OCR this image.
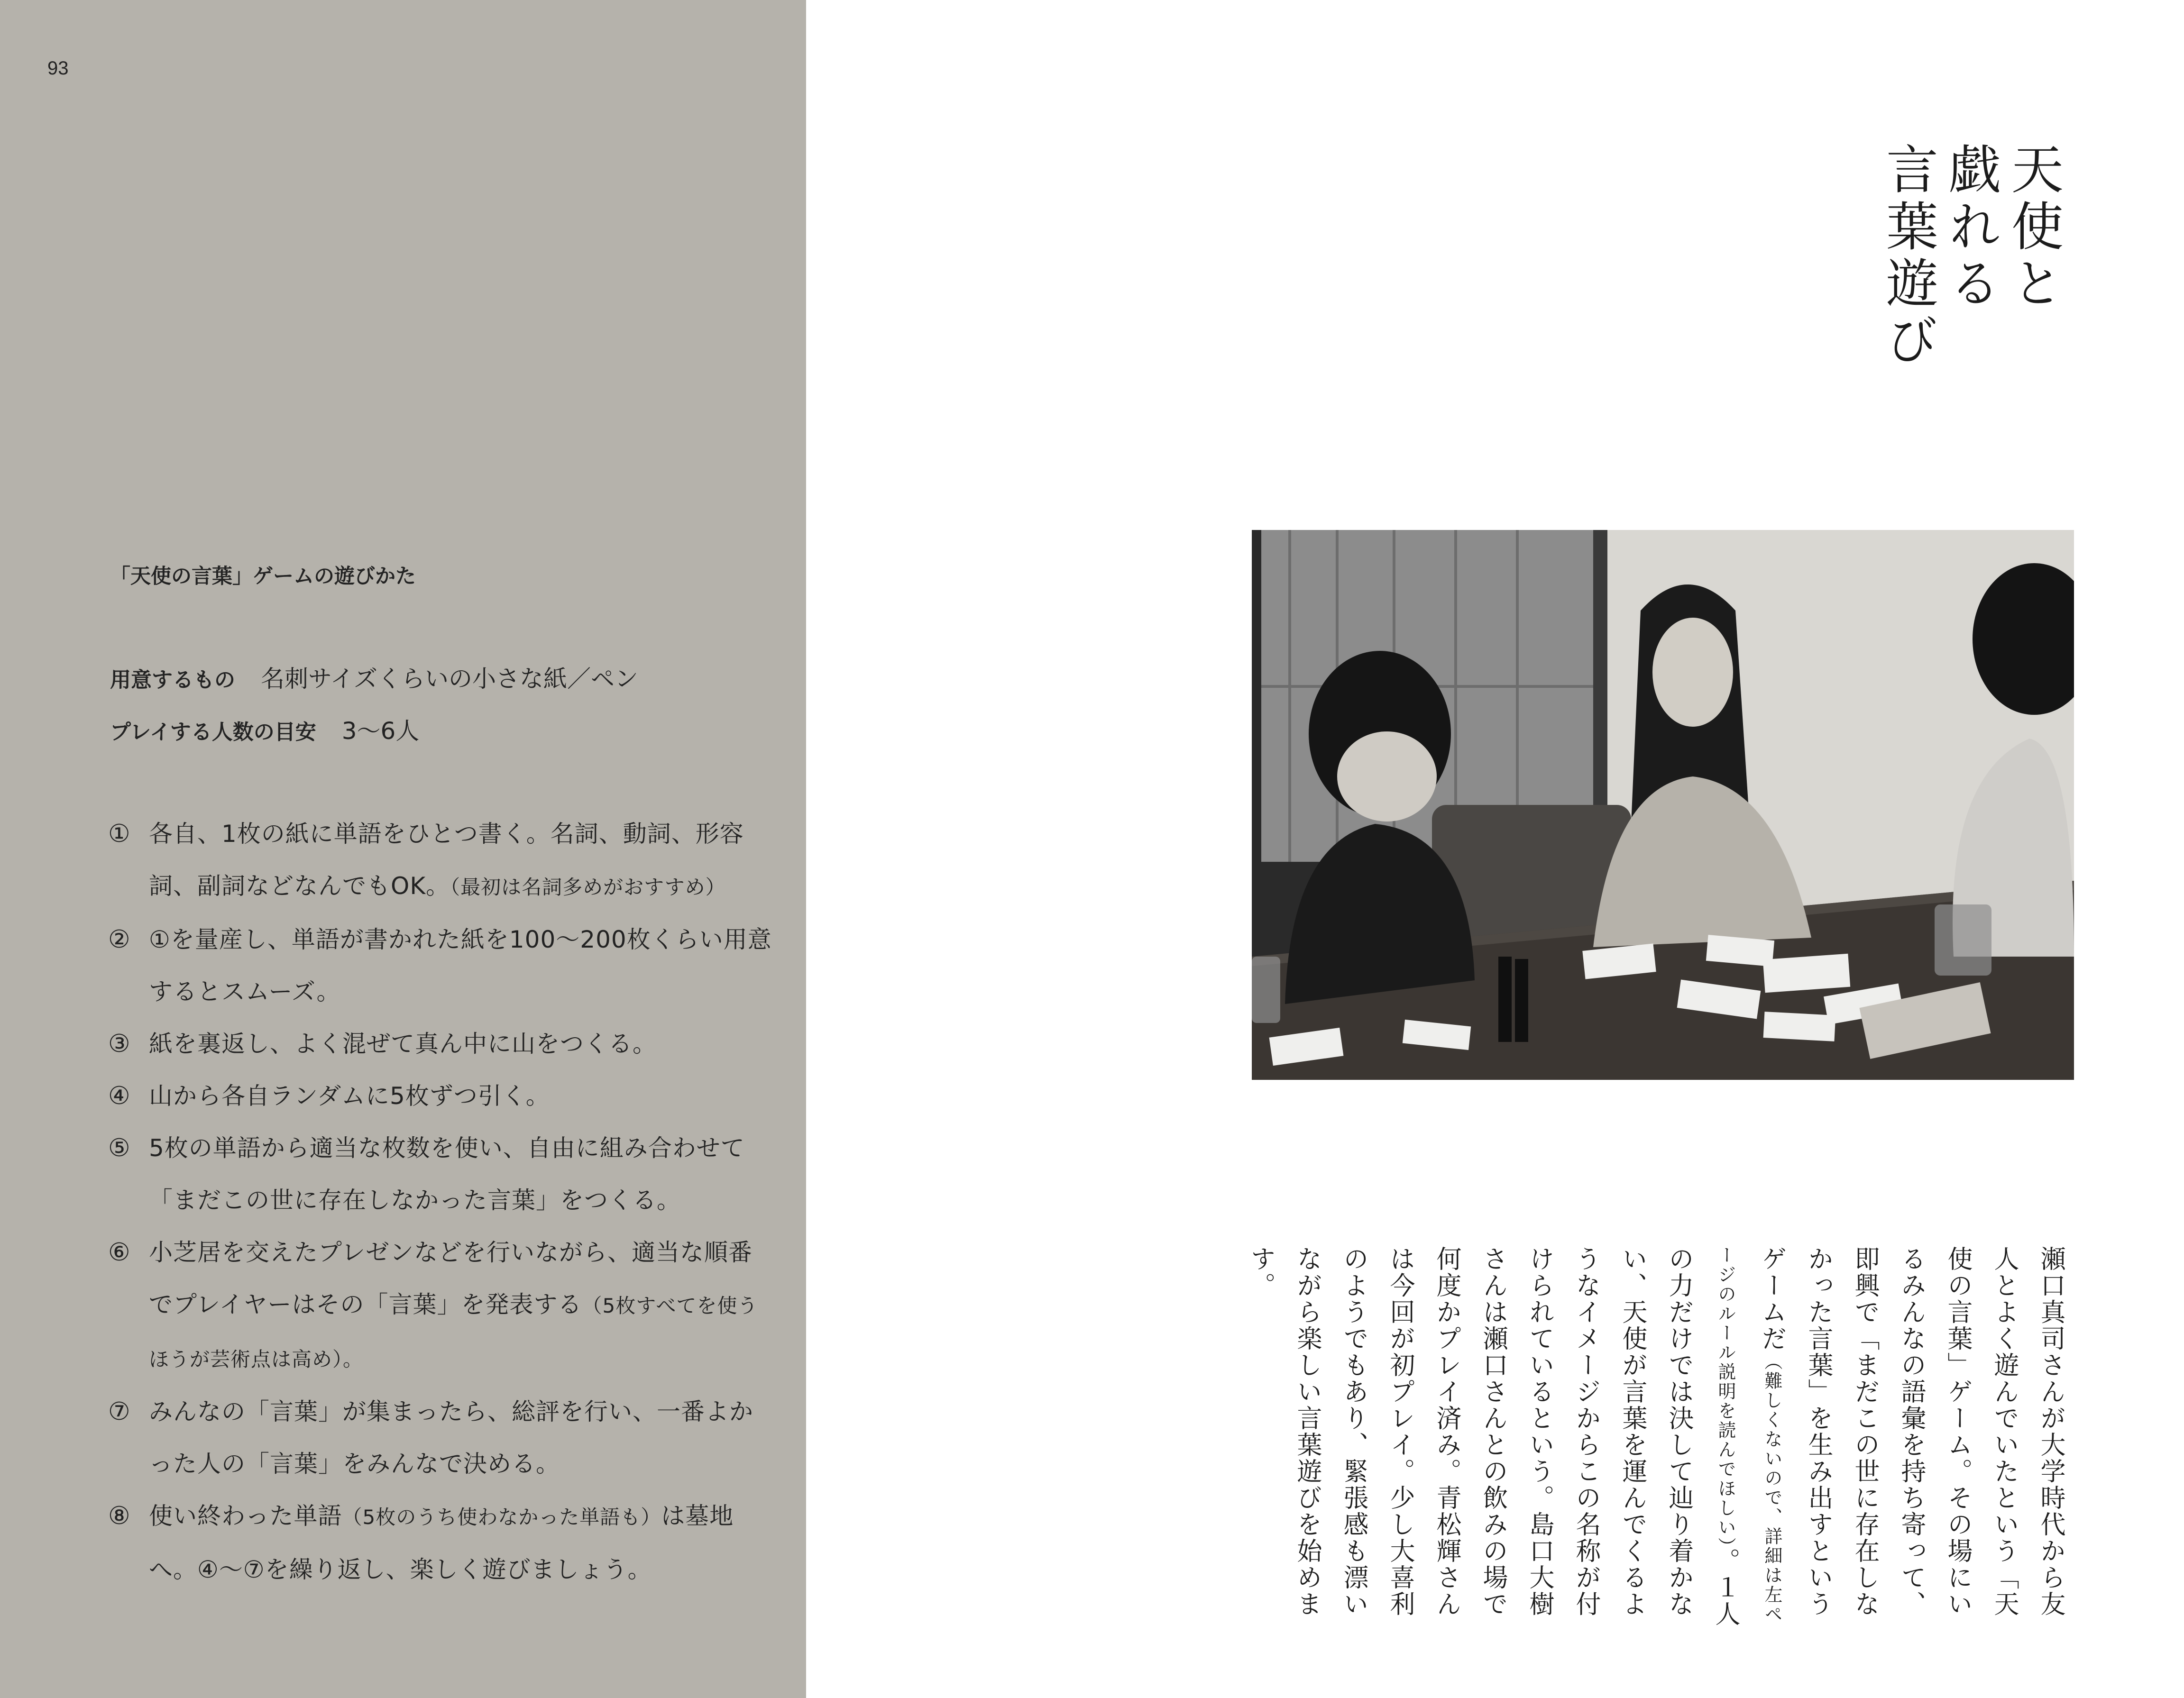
93
「天使の言葉」ゲームの遊びかた
用意するもの 名刺サイズくらいの小さな紙／ペン
プレイする人数の目安 3〜6人
① 各自、1枚の紙に単語をひとつ書く。名詞、動詞、形容詞、副詞などなんでもOK。（最初は名詞多めがおすすめ）
② ①を量産し、単語が書かれた紙を100〜200枚くらい用意するとスムーズ。
③ 紙を裏返し、よく混ぜて真ん中に山をつくる。
④ 山から各自ランダムに5枚ずつ引く。
⑤ 5枚の単語から適当な枚数を使い、自由に組み合わせて「まだこの世に存在しなかった言葉」をつくる。
⑥ 小芝居を交えたプレゼンなどを行いながら、適当な順番でプレイヤーはその「言葉」を発表する（5枚すべてを使うほうが芸術点は高め）。
⑦ みんなの「言葉」が集まったら、総評を行い、一番よかった人の「言葉」をみんなで決める。
⑧ 使い終わった単語（5枚のうち使わなかった単語も）は墓地へ。④〜⑦を繰り返し、楽しく遊びましょう。
天使と
戯れる
言葉遊び
瀬口真司さんが大学時代から友人とよく遊んでいたという「天使の言葉」ゲーム。その場にいるみんなの語彙を持ち寄って、即興で「まだこの世に存在しなかった言葉」を生み出すというゲームだ（難しくないので、詳細は左ページのルール説明を読んでほしい）。１人の力だけでは決して辿り着かない、天使が言葉を運んでくるようなイメージからこの名称が付けられているという。島口大樹さんは瀬口さんとの飲みの場で何度かプレイ済み。青松輝さんは今回が初プレイ。少し大喜利のようでもあり、緊張感も漂いながら楽しい言葉遊びを始めます。
